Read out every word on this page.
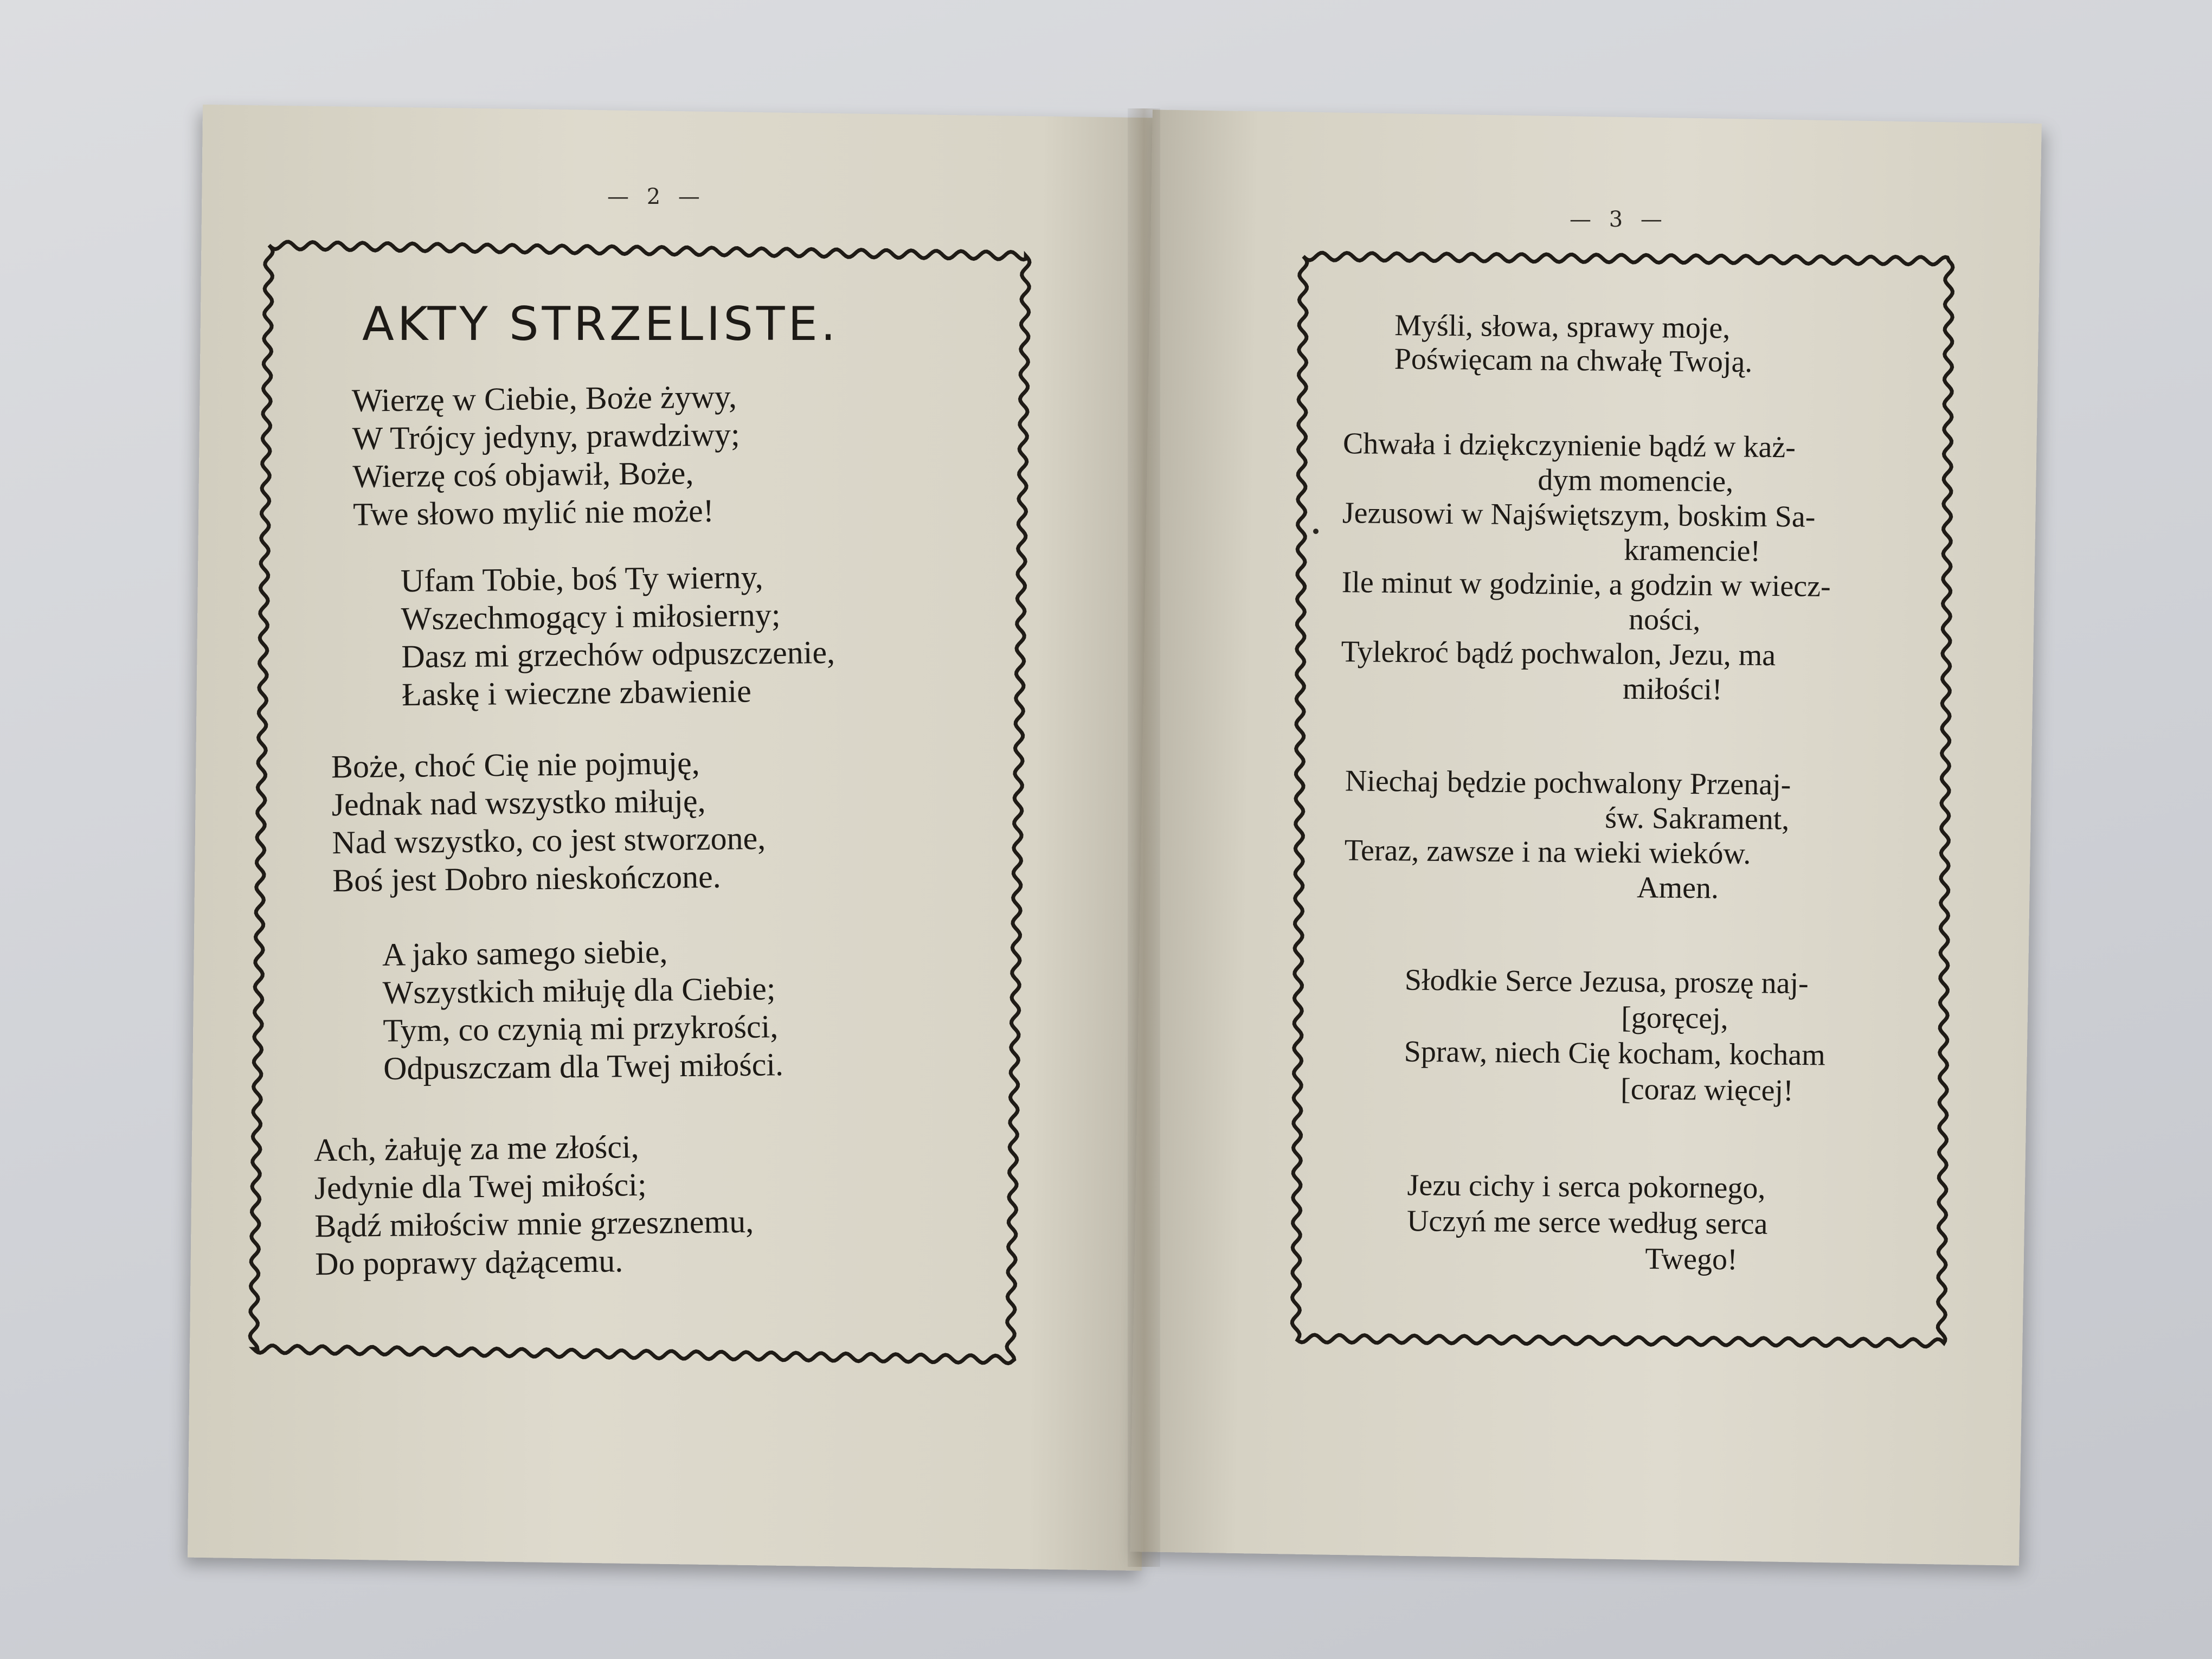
— 2 —
AKTY STRZELISTE.
Wierzę w Ciebie, Boże żywy,
W Trójcy jedyny, prawdziwy;
Wierzę coś objawił, Boże,
Twe słowo mylić nie może!
Ufam Tobie, boś Ty wierny,
Wszechmogący i miłosierny;
Dasz mi grzechów odpuszczenie,
Łaskę i wieczne zbawienie
Boże, choć Cię nie pojmuję,
Jednak nad wszystko miłuję,
Nad wszystko, co jest stworzone,
Boś jest Dobro nieskończone.
A jako samego siebie,
Wszystkich miłuję dla Ciebie;
Tym, co czynią mi przykrości,
Odpuszczam dla Twej miłości.
Ach, żałuję za me złości,
Jedynie dla Twej miłości;
Bądź miłościw mnie grzesznemu,
Do poprawy dążącemu.
— 3 —
Myśli, słowa, sprawy moje,
Poświęcam na chwałę Twoją.
Chwała i dziękczynienie bądź w każ-
dym momencie,
Jezusowi w Najświętszym, boskim Sa-
kramencie!
Ile minut w godzinie, a godzin w wiecz-
ności,
Tylekroć bądź pochwalon, Jezu, ma
miłości!
Niechaj będzie pochwalony Przenaj-
św. Sakrament,
Teraz, zawsze i na wieki wieków.
Amen.
Słodkie Serce Jezusa, proszę naj-
[goręcej,
Spraw, niech Cię kocham, kocham
[coraz więcej!
Jezu cichy i serca pokornego,
Uczyń me serce według serca
Twego!
